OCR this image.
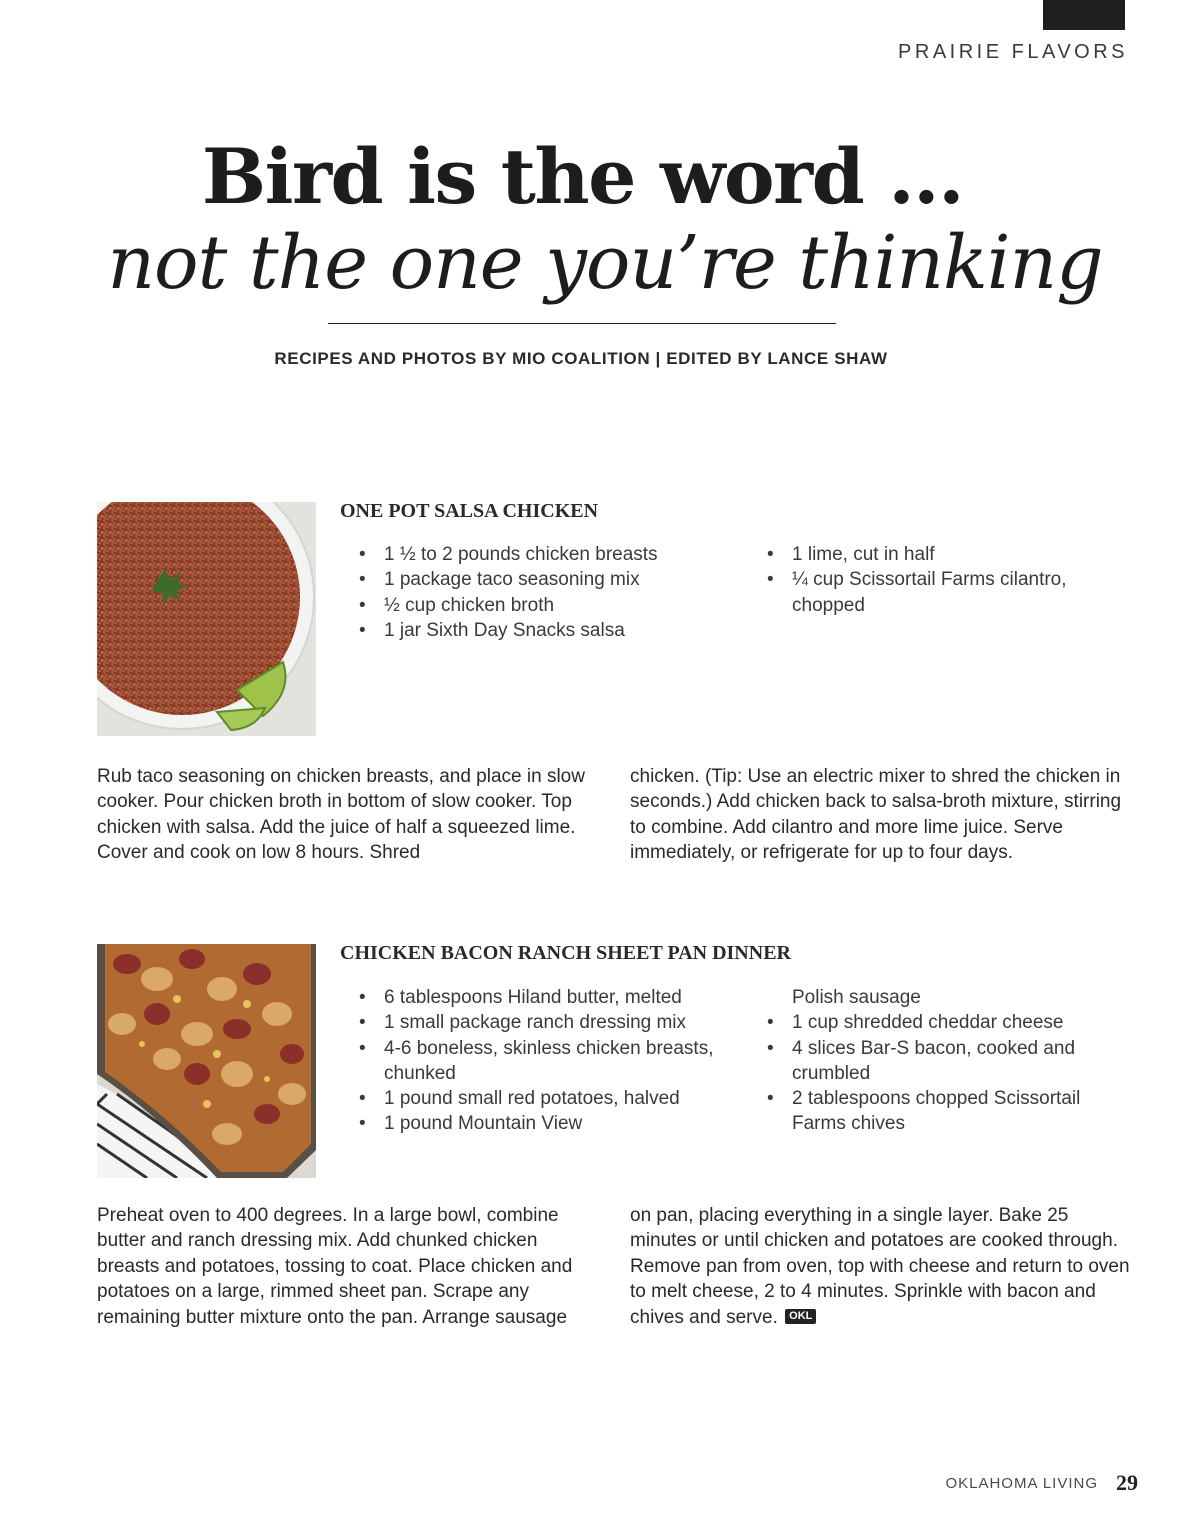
PRAIRIE FLAVORS
Bird is the word ...
not the one you’re thinking
RECIPES AND PHOTOS BY MIO COALITION | EDITED BY LANCE SHAW
ONE POT SALSA CHICKEN
• 1 ½ to 2 pounds chicken breasts
• 1 package taco seasoning mix
• ½ cup chicken broth
• 1 jar Sixth Day Snacks salsa
• 1 lime, cut in half
• ¼ cup Scissortail Farms cilantro, chopped

Rub taco seasoning on chicken breasts, and place in slow cooker. Pour chicken broth in bottom of slow cooker. Top chicken with salsa. Add the juice of half a squeezed lime. Cover and cook on low 8 hours. Shred

chicken. (Tip: Use an electric mixer to shred the chicken in seconds.) Add chicken back to salsa-broth mixture, stirring to combine. Add cilantro and more lime juice. Serve immediately, or refrigerate for up to four days.

CHICKEN BACON RANCH SHEET PAN DINNER
• 6 tablespoons Hiland butter, melted
• 1 small package ranch dressing mix
• 4-6 boneless, skinless chicken breasts, chunked
• 1 pound small red potatoes, halved
• 1 pound Mountain View
Polish sausage
• 1 cup shredded cheddar cheese
• 4 slices Bar-S bacon, cooked and crumbled
• 2 tablespoons chopped Scissortail Farms chives

Preheat oven to 400 degrees. In a large bowl, combine butter and ranch dressing mix. Add chunked chicken breasts and potatoes, tossing to coat. Place chicken and potatoes on a large, rimmed sheet pan. Scrape any remaining butter mixture onto the pan. Arrange sausage

on pan, placing everything in a single layer. Bake 25 minutes or until chicken and potatoes are cooked through. Remove pan from oven, top with cheese and return to oven to melt cheese, 2 to 4 minutes. Sprinkle with bacon and chives and serve. OKL

OKLAHOMA LIVING 29
